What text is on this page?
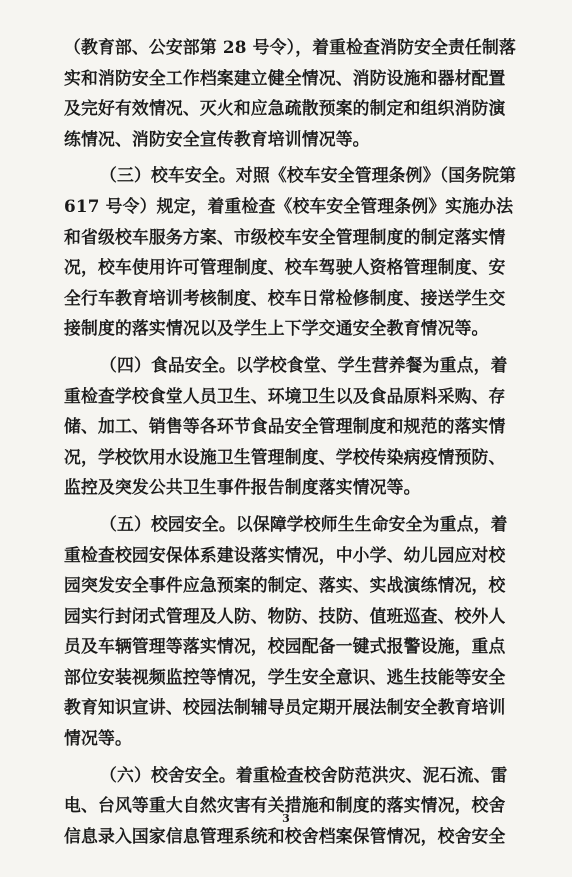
（教育部、公安部第 28 号令），着重检查消防安全责任制落
实和消防安全工作档案建立健全情况、消防设施和器材配置
及完好有效情况、灭火和应急疏散预案的制定和组织消防演
练情况、消防安全宣传教育培训情况等。
（三）校车安全。对照《校车安全管理条例》（国务院第
617 号令）规定，着重检查《校车安全管理条例》实施办法
和省级校车服务方案、市级校车安全管理制度的制定落实情
况，校车使用许可管理制度、校车驾驶人资格管理制度、安
全行车教育培训考核制度、校车日常检修制度、接送学生交
接制度的落实情况以及学生上下学交通安全教育情况等。
（四）食品安全。以学校食堂、学生营养餐为重点，着
重检查学校食堂人员卫生、环境卫生以及食品原料采购、存
储、加工、销售等各环节食品安全管理制度和规范的落实情
况，学校饮用水设施卫生管理制度、学校传染病疫情预防、
监控及突发公共卫生事件报告制度落实情况等。
（五）校园安全。以保障学校师生生命安全为重点，着
重检查校园安保体系建设落实情况，中小学、幼儿园应对校
园突发安全事件应急预案的制定、落实、实战演练情况，校
园实行封闭式管理及人防、物防、技防、值班巡查、校外人
员及车辆管理等落实情况，校园配备一键式报警设施，重点
部位安装视频监控等情况，学生安全意识、逃生技能等安全
教育知识宣讲、校园法制辅导员定期开展法制安全教育培训
情况等。
（六）校舍安全。着重检查校舍防范洪灾、泥石流、雷
电、台风等重大自然灾害有关措施和制度的落实情况，校舍
信息录入国家信息管理系统和校舍档案保管情况，校舍安全
3
